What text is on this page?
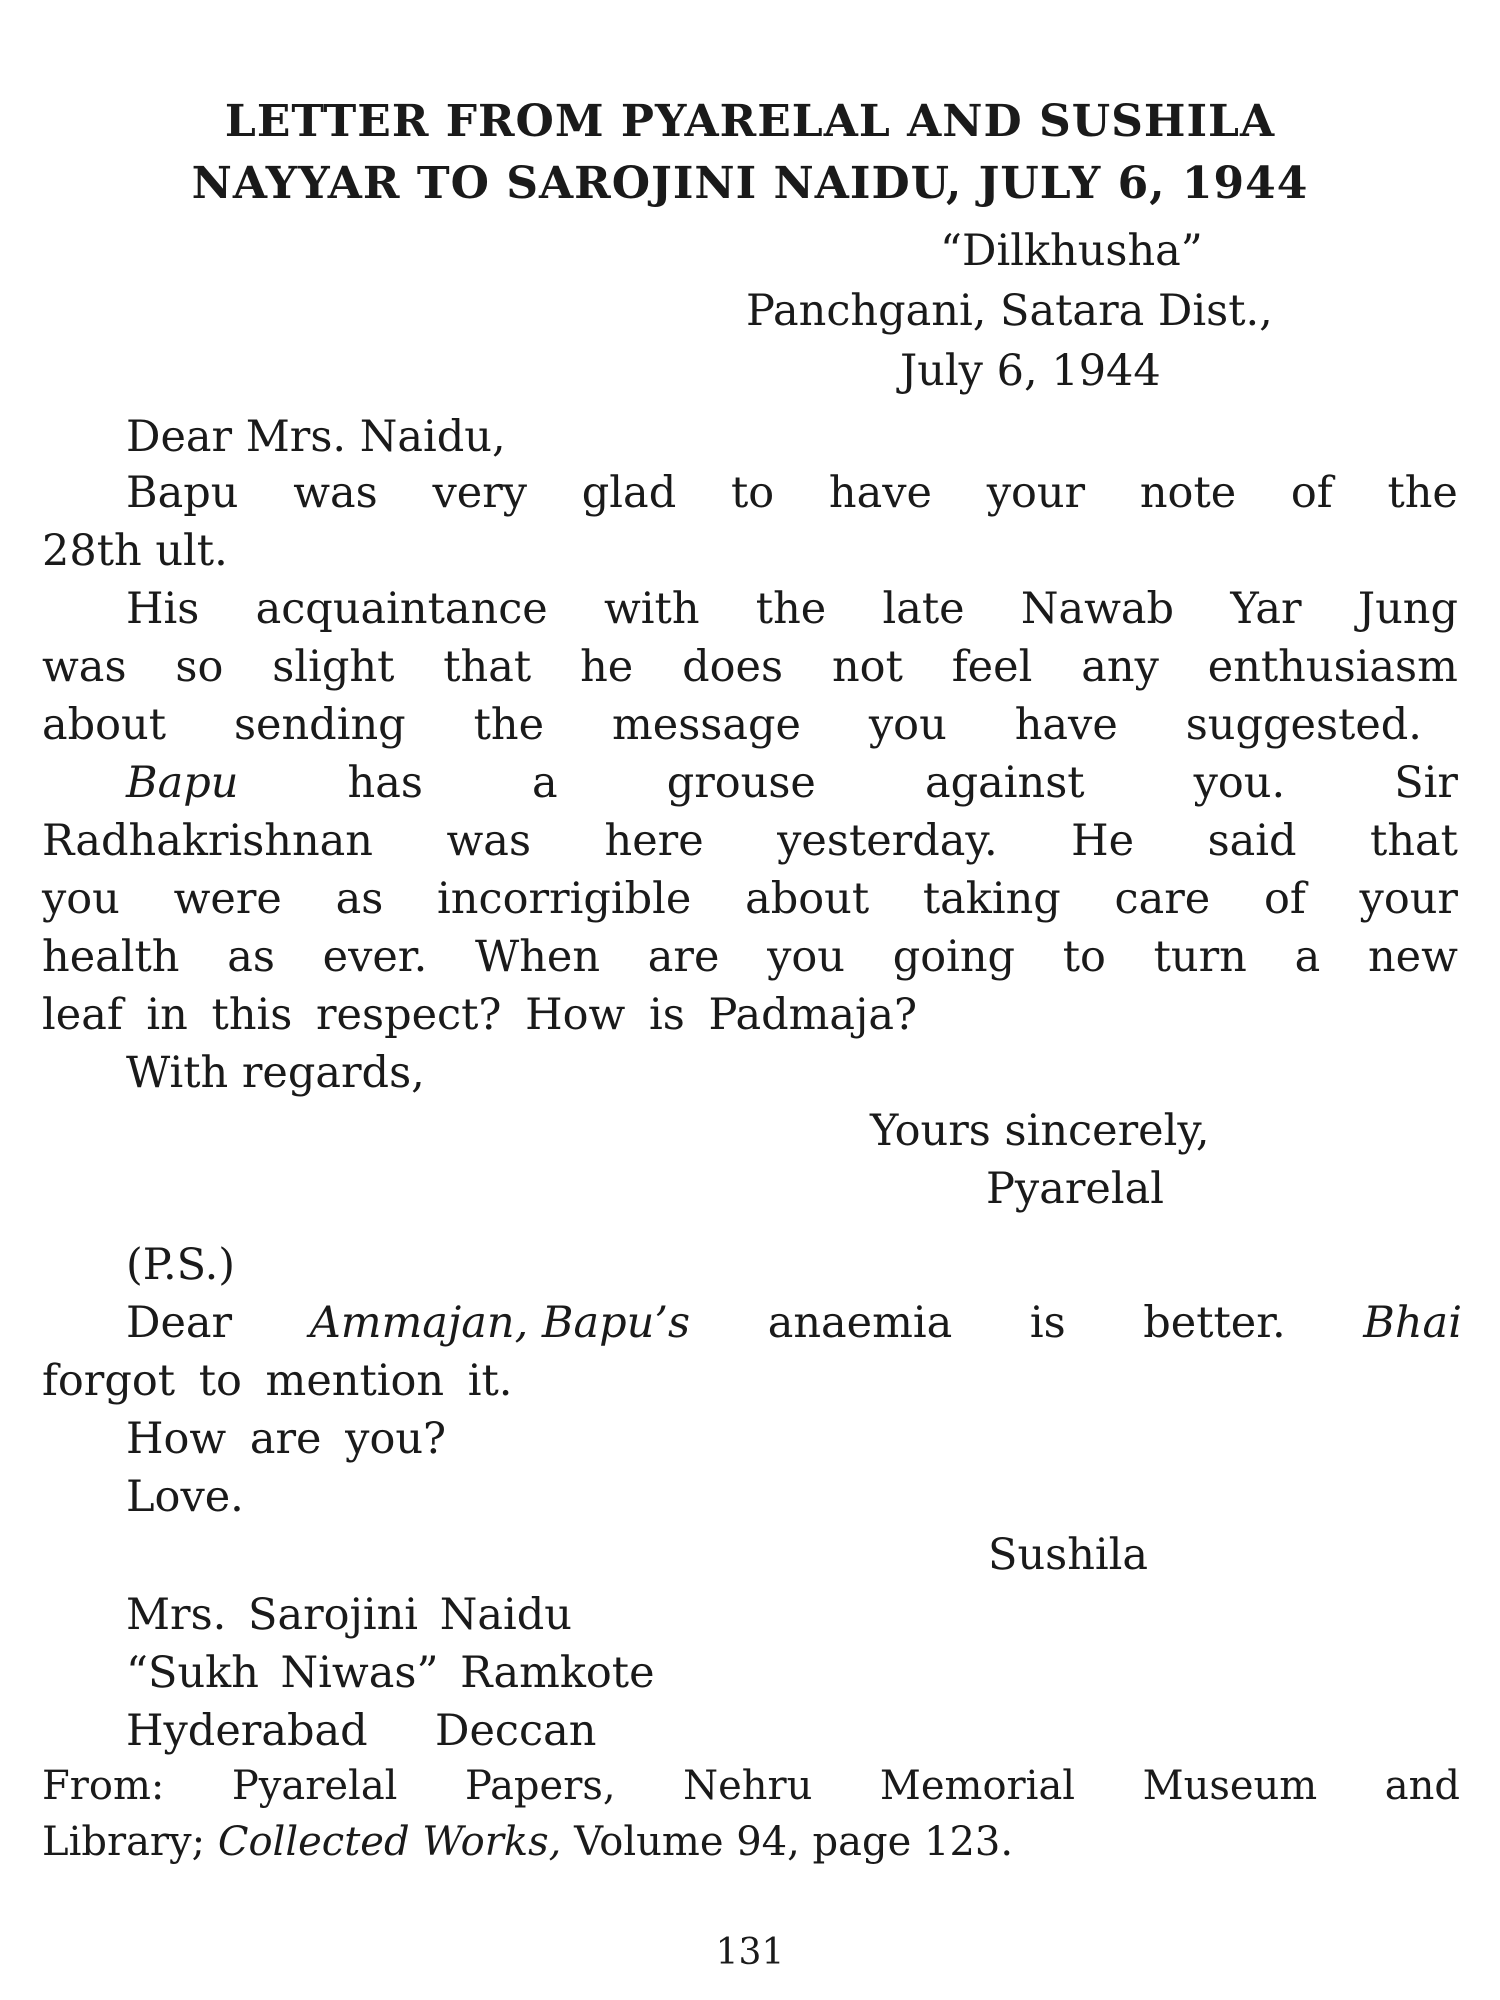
LETTER FROM PYARELAL AND SUSHILA
NAYYAR TO SAROJINI NAIDU, JULY 6, 1944
“Dilkhusha”
Panchgani, Satara Dist.,
July 6, 1944
Dear Mrs. Naidu,
Bapu was very glad to have your note of the
28th ult.
His acquaintance with the late Nawab Yar Jung
was so slight that he does not feel any enthusiasm
about sending the message you have suggested.
Bapu	has	a	grouse	against	you.	Sir
Radhakrishnan was here yesterday. He said that
you were as incorrigible about taking care of your
health as ever. When are you going to turn a new
leaf in this respect? How is Padmaja?
With regards,
Yours sincerely,
Pyarelal
(P.S.)
Dear Ammajan, Bapu’s anaemia is better. Bhai
forgot to mention it.
How are you?
Love.
Sushila
Mrs. Sarojini Naidu
“Sukh Niwas” Ramkote
Hyderabad  Deccan
From: Pyarelal Papers, Nehru Memorial Museum and
Library; Collected Works, Volume 94, page 123.
131
